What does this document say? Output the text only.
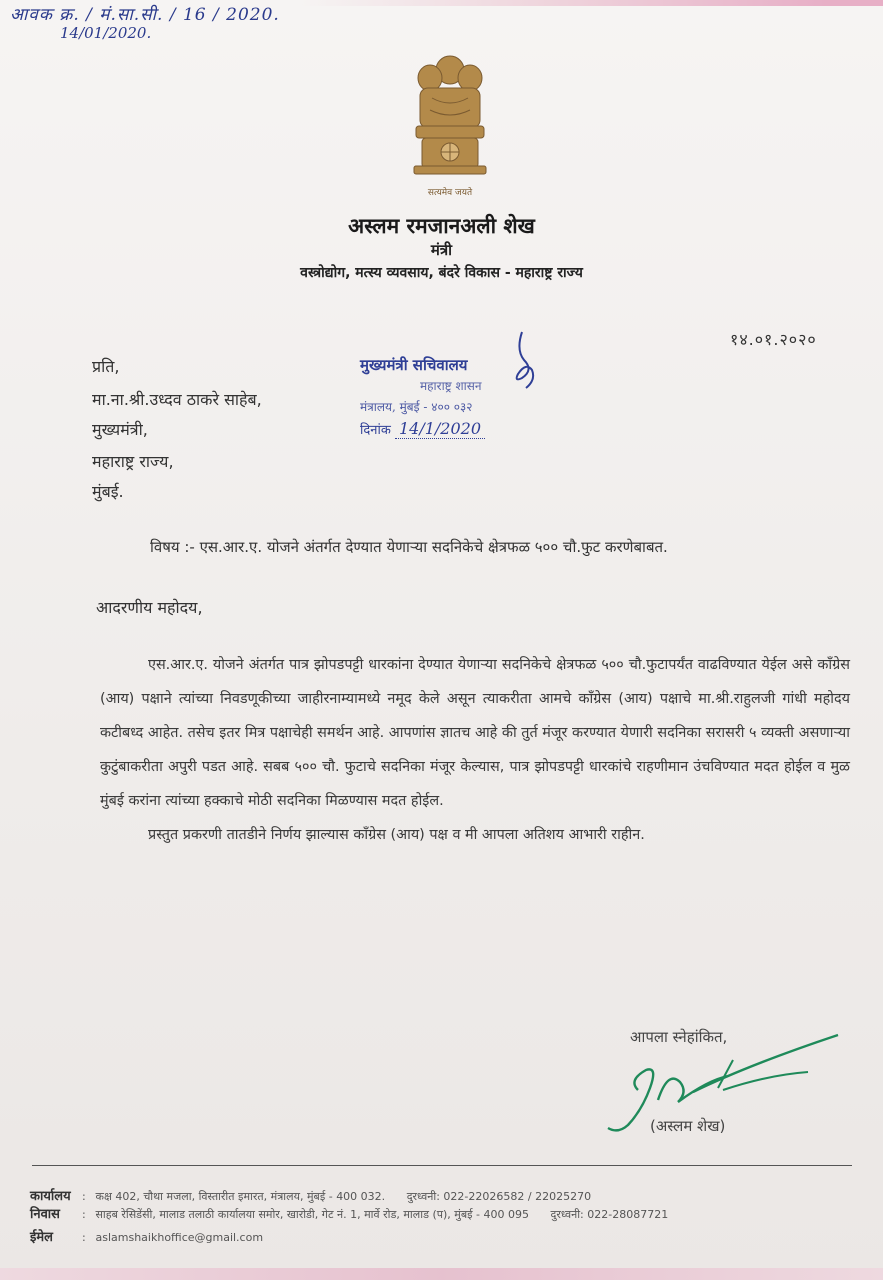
आवक क्र. / मं.सा.सी. / 16 / 2020.
14/01/2020.
सत्यमेव जयते
अस्लम रमजानअली शेख
मंत्री
वस्त्रोद्योग, मत्स्य व्यवसाय, बंदरे विकास - महाराष्ट्र राज्य
१४.०१.२०२०
प्रति,
मा.ना.श्री.उध्दव ठाकरे साहेब,
मुख्यमंत्री,
महाराष्ट्र राज्य,
मुंबई.
मुख्यमंत्री सचिवालय
महाराष्ट्र शासन
मंत्रालय, मुंबई - ४०० ०३२
दिनांक 14/1/2020
विषय :- एस.आर.ए. योजने अंतर्गत देण्यात येणाऱ्या सदनिकेचे क्षेत्रफळ ५०० चौ.फुट करणेबाबत.
आदरणीय महोदय,

एस.आर.ए. योजने अंतर्गत पात्र झोपडपट्टी धारकांना देण्यात येणाऱ्या सदनिकेचे क्षेत्रफळ ५०० चौ.फुटापर्यंत वाढविण्यात येईल असे कॉंग्रेस (आय) पक्षाने त्यांच्या निवडणूकीच्या जाहीरनाम्यामध्ये नमूद केले असून त्याकरीता आमचे कॉंग्रेस (आय) पक्षाचे मा.श्री.राहुलजी गांधी महोदय कटीबध्द आहेत. तसेच इतर मित्र पक्षाचेही समर्थन आहे. आपणांस ज्ञातच आहे की तुर्त मंजूर करण्यात येणारी सदनिका सरासरी ५ व्यक्ती असणाऱ्या कुटुंबाकरीता अपुरी पडत आहे. सबब ५०० चौ. फुटाचे सदनिका मंजूर केल्यास, पात्र झोपडपट्टी धारकांचे राहणीमान उंचविण्यात मदत होईल व मुळ मुंबई करांना त्यांच्या हक्काचे मोठी सदनिका मिळण्यास मदत होईल.

प्रस्तुत प्रकरणी तातडीने निर्णय झाल्यास कॉंग्रेस (आय) पक्ष व मी आपला अतिशय आभारी राहीन.

आपला स्नेहांकित,
(अस्लम शेख)
कार्यालय : कक्ष 402, चौथा मजला, विस्तारीत इमारत, मंत्रालय, मुंबई - 400 032. दुरध्वनी: 022-22026582 / 22025270
निवास : साहब रेसिडेंसी, मालाड तलाठी कार्यालया समोर, खारोडी, गेट नं. 1, मार्वे रोड, मालाड (प), मुंबई - 400 095 दुरध्वनी: 022-28087721
ईमेल	: aslamshaikhoffice@gmail.com
